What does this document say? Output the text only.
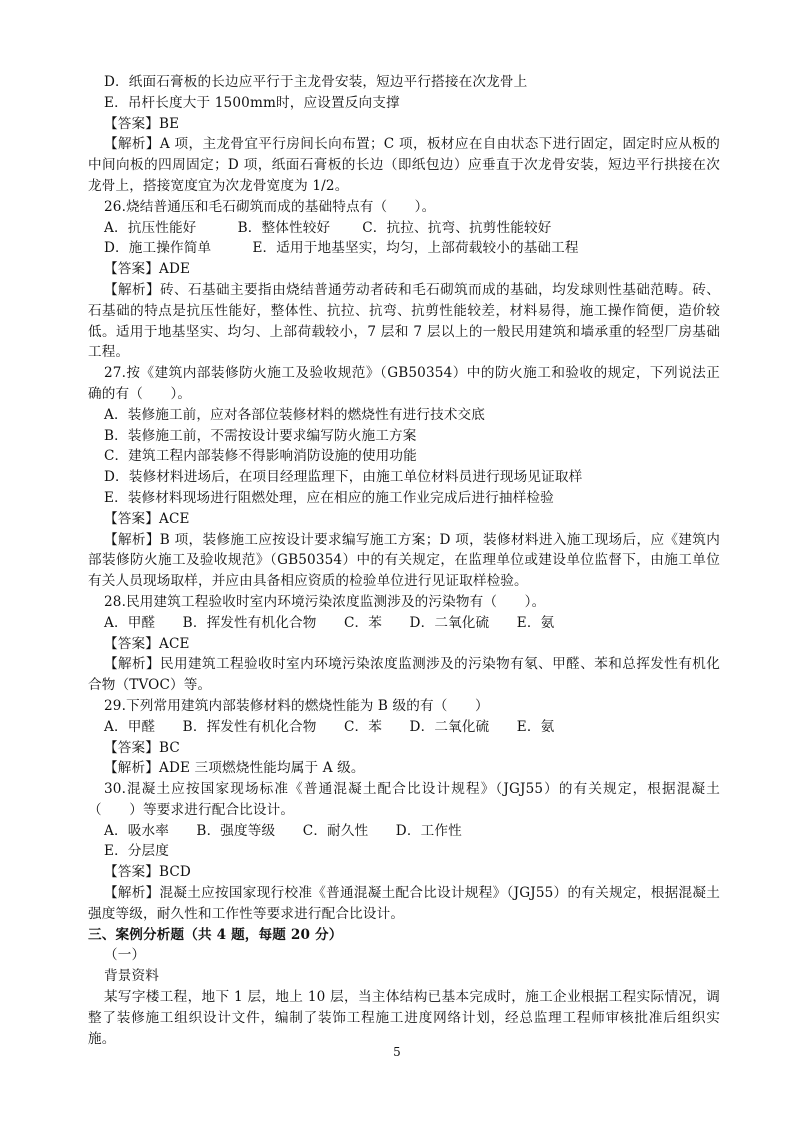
D．纸面石膏板的长边应平行于主龙骨安装，短边平行搭接在次龙骨上
E．吊杆长度大于 1500mm时，应设置反向支撑
【答案】BE
【解析】A 项，主龙骨宜平行房间长向布置；C 项，板材应在自由状态下进行固定，固定时应从板的中间向板的四周固定；D 项，纸面石膏板的长边（即纸包边）应垂直于次龙骨安装，短边平行拱接在次龙骨上，搭接宽度宜为次龙骨宽度为 1/2。
26.烧结普通压和毛石砌筑而成的基础特点有（　　）。
A．抗压性能好　　　B．整体性较好　　 C．抗拉、抗弯、抗剪性能较好
D．施工操作简单　　　E．适用于地基坚实，均匀，上部荷载较小的基础工程
【答案】ADE
【解析】砖、石基础主要指由烧结普通劳动者砖和毛石砌筑而成的基础，均发球则性基础范畴。砖、石基础的特点是抗压性能好，整体性、抗拉、抗弯、抗剪性能较差，材料易得，施工操作简便，造价较低。适用于地基坚实、均匀、上部荷载较小，7 层和 7 层以上的一般民用建筑和墙承重的轻型厂房基础工程。
27.按《建筑内部装修防火施工及验收规范》（GB50354）中的防火施工和验收的规定，下列说法正确的有（　　）。
A．装修施工前，应对各部位装修材料的燃烧性有进行技术交底
B．装修施工前，不需按设计要求编写防火施工方案
C．建筑工程内部装修不得影响消防设施的使用功能
D．装修材料进场后，在项目经理监理下，由施工单位材料员进行现场见证取样
E．装修材料现场进行阻燃处理，应在相应的施工作业完成后进行抽样检验
【答案】ACE
【解析】B 项，装修施工应按设计要求编写施工方案；D 项，装修材料进入施工现场后，应《建筑内部装修防火施工及验收规范》（GB50354）中的有关规定，在监理单位或建设单位监督下，由施工单位有关人员现场取样，并应由具备相应资质的检验单位进行见证取样检验。
28.民用建筑工程验收时室内环境污染浓度监测涉及的污染物有（　　）。
A．甲醛　　B．挥发性有机化合物　　C．苯　　D．二氧化硫　　E．氨
【答案】ACE
【解析】民用建筑工程验收时室内环境污染浓度监测涉及的污染物有氡、甲醛、苯和总挥发性有机化合物（TVOC）等。
29.下列常用建筑内部装修材料的燃烧性能为 B 级的有（　　）
A．甲醛　　B．挥发性有机化合物　　C．苯　　D．二氧化硫　　E．氨
【答案】BC
【解析】ADE 三项燃烧性能均属于 A 级。
30.混凝土应按国家现场标准《普通混凝土配合比设计规程》（JGJ55）的有关规定，根据混凝土（　　）等要求进行配合比设计。
A．吸水率　　B．强度等级　　C．耐久性　　D．工作性
E．分层度
【答案】BCD
【解析】混凝土应按国家现行校准《普通混凝土配合比设计规程》（JGJ55）的有关规定，根据混凝土强度等级，耐久性和工作性等要求进行配合比设计。
三、案例分析题（共 4 题，每题 20 分）
（一）
背景资料
某写字楼工程，地下 1 层，地上 10 层，当主体结构已基本完成时，施工企业根据工程实际情况，调整了装修施工组织设计文件，编制了装饰工程施工进度网络计划，经总监理工程师审核批准后组织实施。
5
